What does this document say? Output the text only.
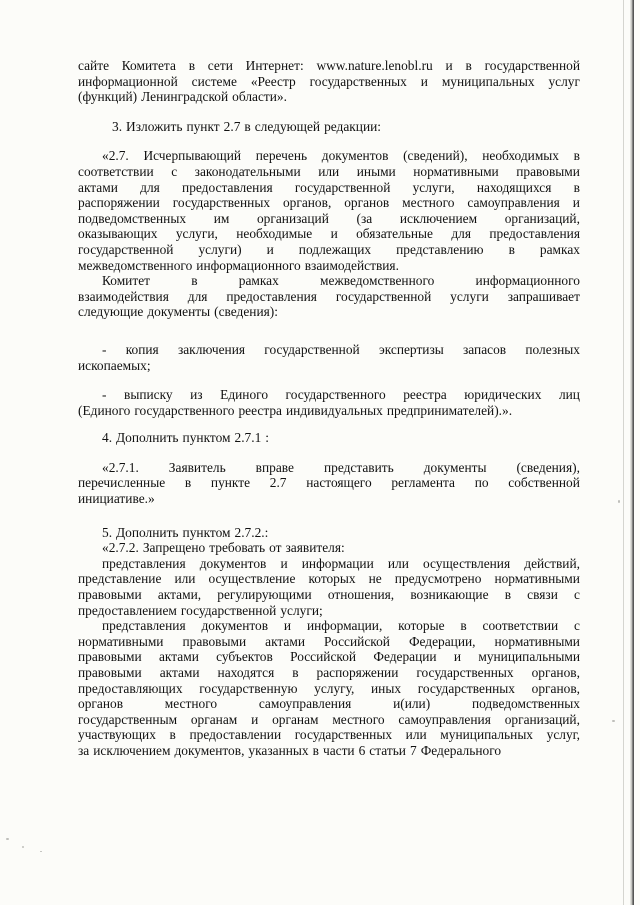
сайте Комитета в сети Интернет: www.nature.lenobl.ru и в государственной
информационной системе «Реестр государственных и муниципальных услуг
(функций) Ленинградской области».
3. Изложить пункт 2.7 в следующей редакции:
«2.7. Исчерпывающий перечень документов (сведений), необходимых в
соответствии с законодательными или иными нормативными правовыми
актами для предоставления государственной услуги, находящихся в
распоряжении государственных органов, органов местного самоуправления и
подведомственных им организаций (за исключением организаций,
оказывающих услуги, необходимые и обязательные для предоставления
государственной услуги) и подлежащих представлению в рамках
межведомственного информационного взаимодействия.
Комитет	в	рамках	межведомственного	информационного
взаимодействия для предоставления государственной услуги запрашивает
следующие документы (сведения):
- копия заключения государственной экспертизы запасов полезных
ископаемых;
- выписку из Единого государственного реестра юридических лиц
(Единого государственного реестра индивидуальных предпринимателей).».
4. Дополнить пунктом 2.7.1 :
«2.7.1. Заявитель вправе представить документы (сведения),
перечисленные в пункте 2.7 настоящего регламента по собственной
инициативе.»
5. Дополнить пунктом 2.7.2.:
«2.7.2. Запрещено требовать от заявителя:
представления документов и информации или осуществления действий,
представление или осуществление которых не предусмотрено нормативными
правовыми актами, регулирующими отношения, возникающие в связи с
предоставлением государственной услуги;
представления документов и информации, которые в соответствии с
нормативными правовыми актами Российской Федерации, нормативными
правовыми актами субъектов Российской Федерации и муниципальными
правовыми актами находятся в распоряжении государственных органов,
предоставляющих государственную услугу, иных государственных органов,
органов	местного	самоуправления	и(или)	подведомственных
государственным органам и органам местного самоуправления организаций,
участвующих в предоставлении государственных или муниципальных услуг,
за исключением документов, указанных в части 6 статьи 7 Федерального
